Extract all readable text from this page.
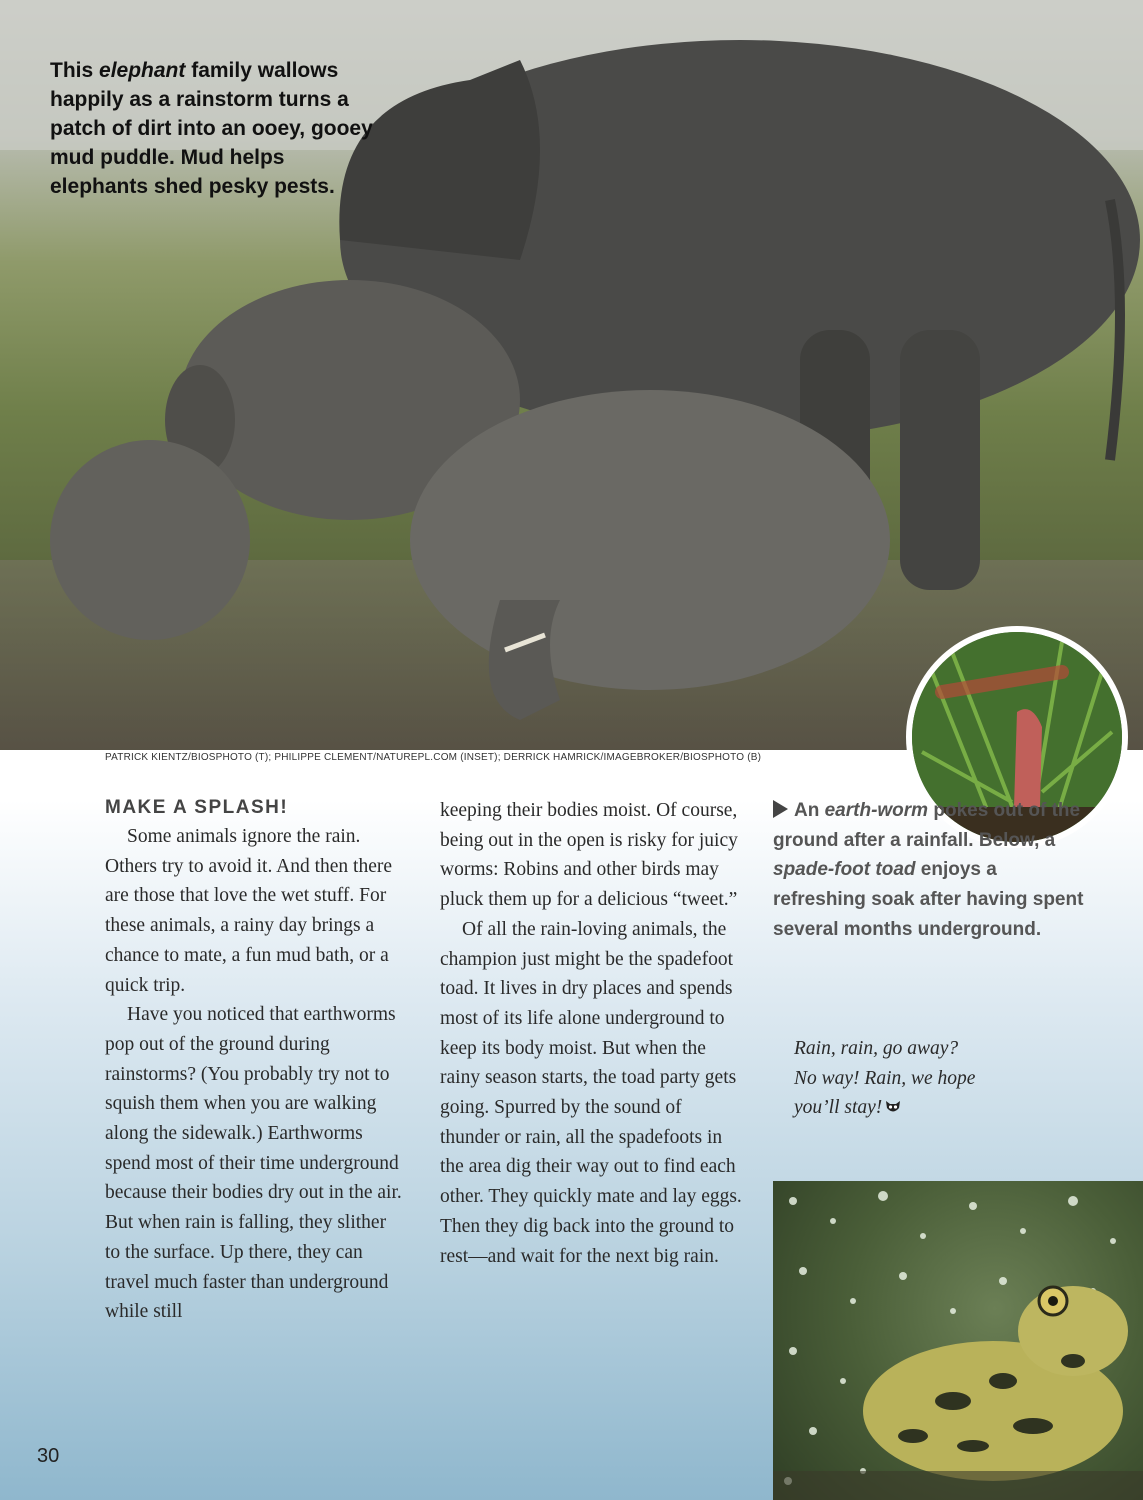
This elephant family wallows happily as a rainstorm turns a patch of dirt into an ooey, gooey mud puddle. Mud helps elephants shed pesky pests.

PATRICK KIENTZ/BIOSPHOTO (T); PHILIPPE CLEMENT/NATUREPL.COM (INSET); DERRICK HAMRICK/IMAGEBROKER/BIOSPHOTO (B)

MAKE A SPLASH!

Some animals ignore the rain. Others try to avoid it. And then there are those that love the wet stuff. For these animals, a rainy day brings a chance to mate, a fun mud bath, or a quick trip.

Have you noticed that earthworms pop out of the ground during rainstorms? (You probably try not to squish them when you are walking along the sidewalk.) Earthworms spend most of their time underground because their bodies dry out in the air. But when rain is falling, they slither to the surface. Up there, they can travel much faster than underground while still

keeping their bodies moist. Of course, being out in the open is risky for juicy worms: Robins and other birds may pluck them up for a delicious “tweet.”

Of all the rain-loving animals, the champion just might be the spadefoot toad. It lives in dry places and spends most of its life alone underground to keep its body moist. But when the rainy season starts, the toad party gets going. Spurred by the sound of thunder or rain, all the spadefoots in the area dig their way out to find each other. They quickly mate and lay eggs. Then they dig back into the ground to rest—and wait for the next big rain.

An earth-worm pokes out of the ground after a rainfall. Below, a spade-foot toad enjoys a refreshing soak after having spent several months underground.

Rain, rain, go away?
No way! Rain, we hope
you’ll stay!

30
